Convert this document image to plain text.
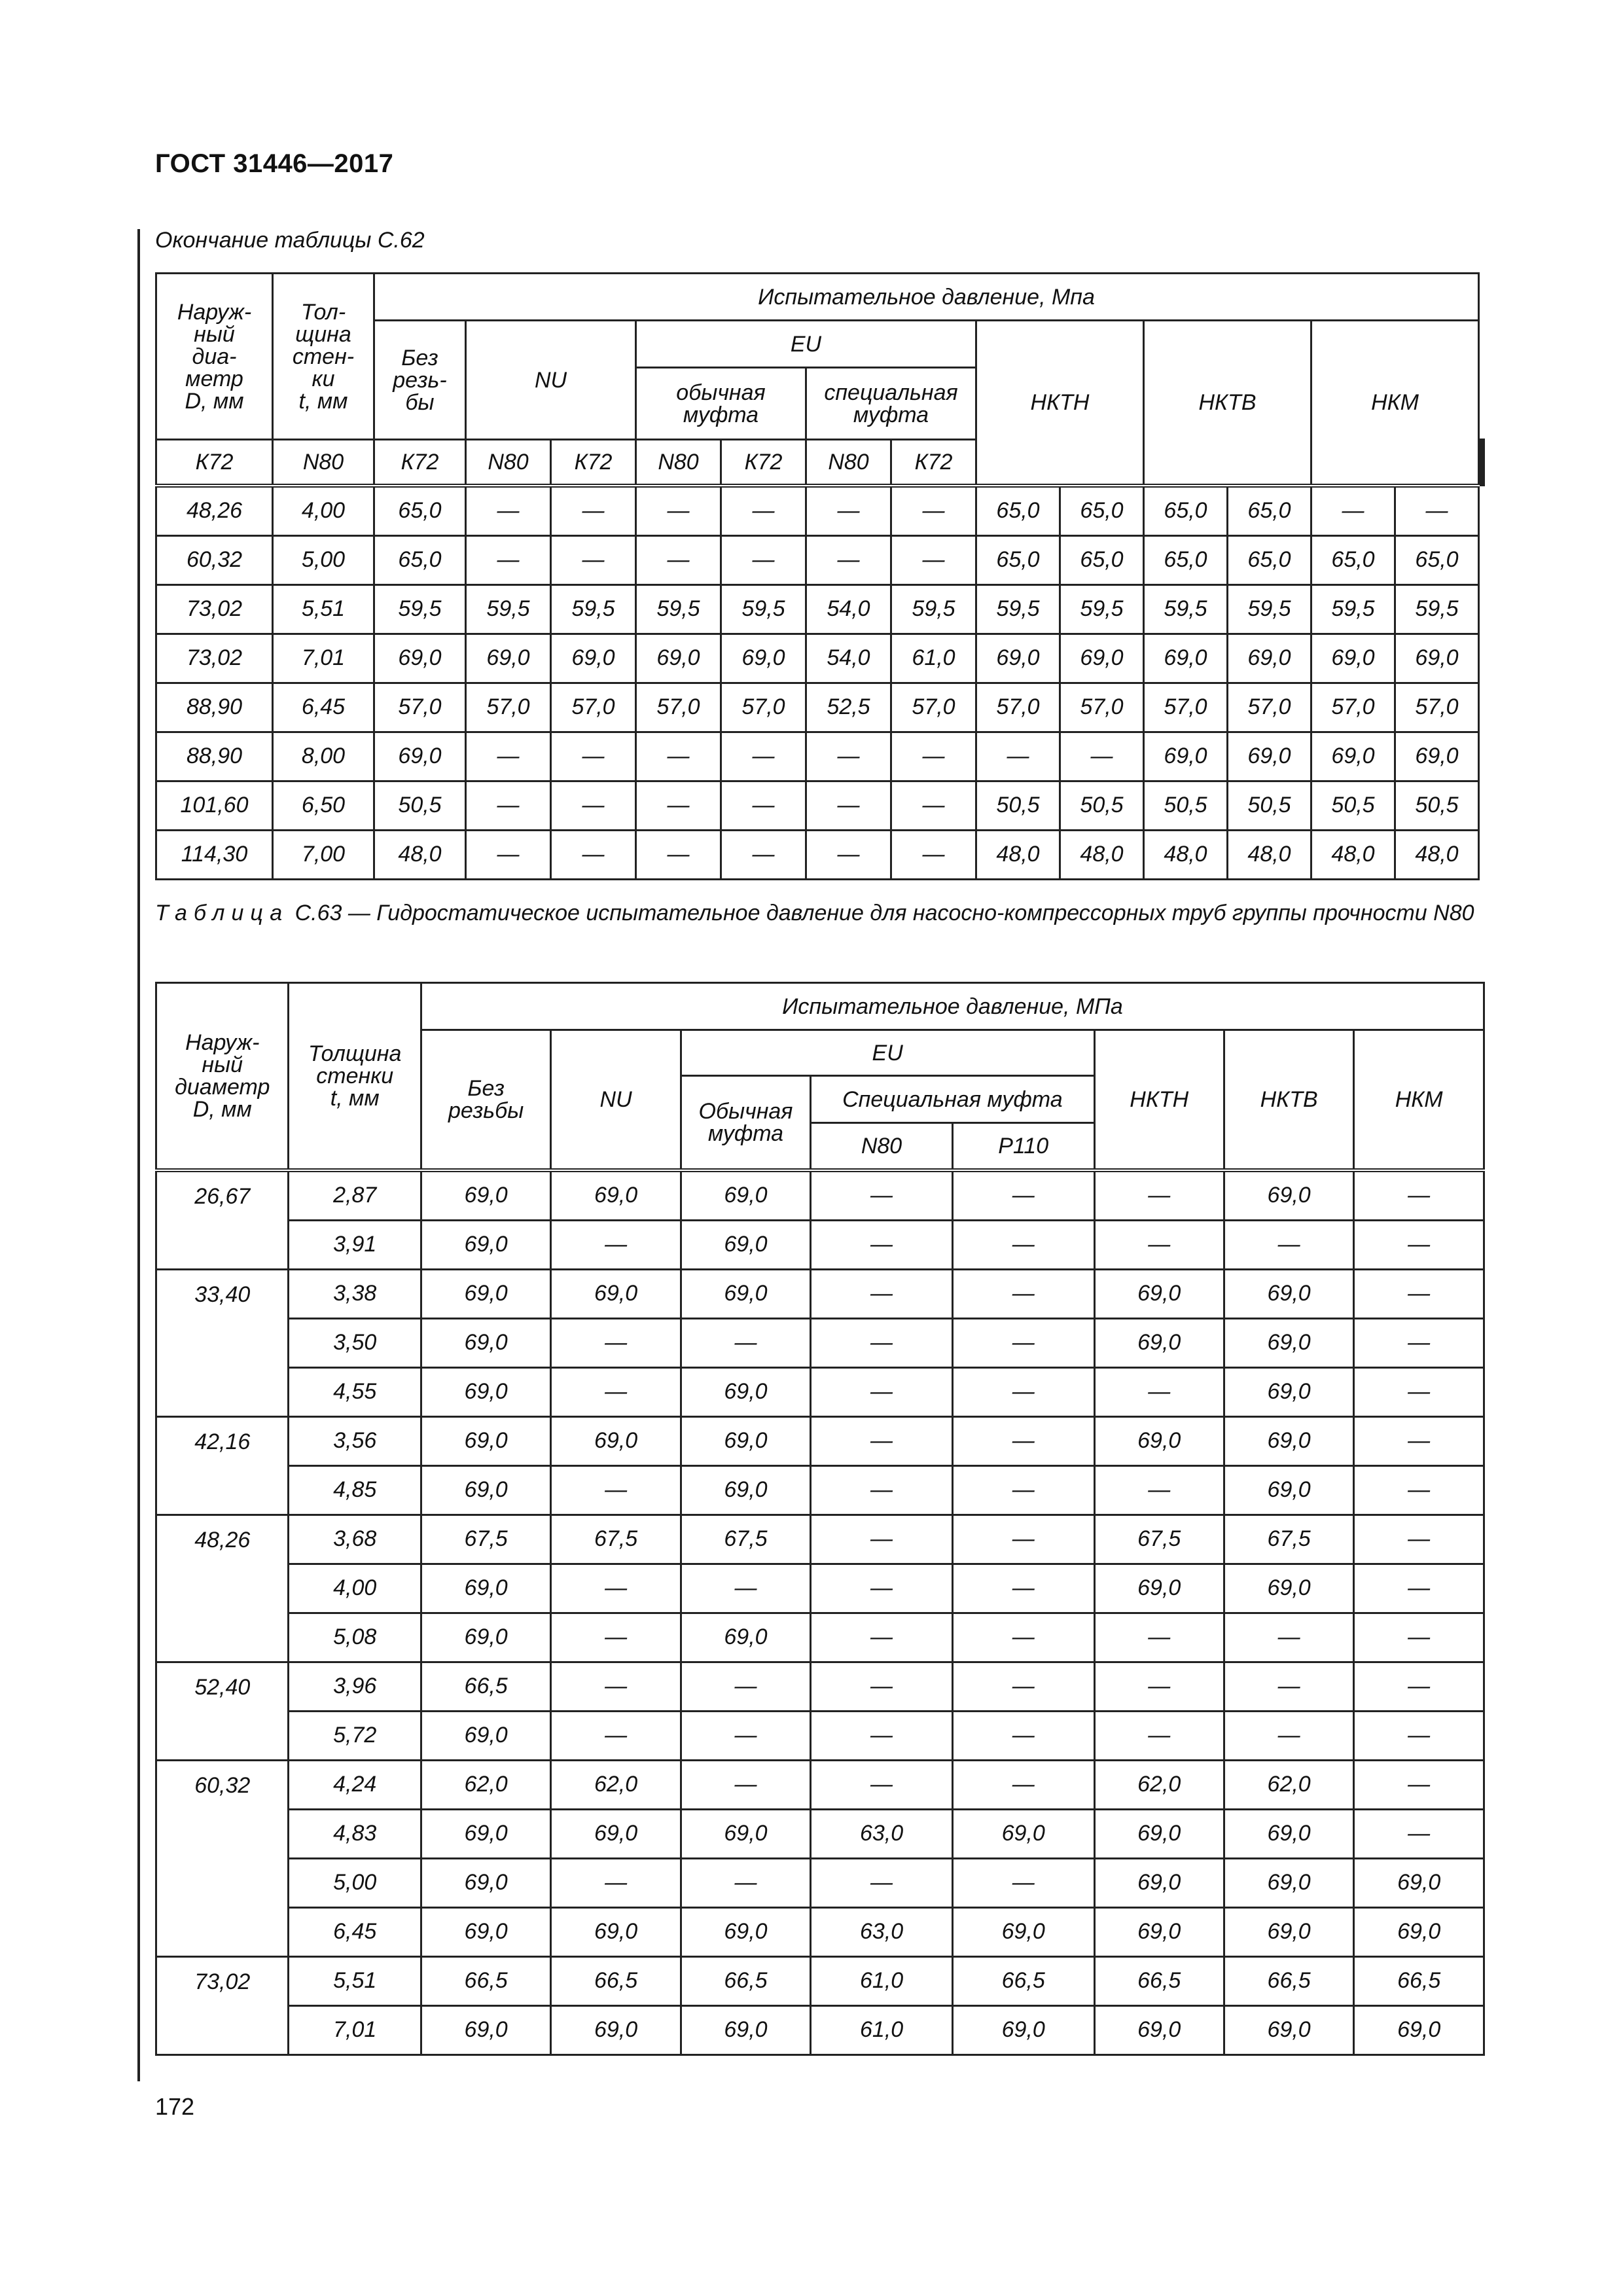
ГОСТ 31446—2017
Окончание таблицы С.62
Наруж-
ный
диа-
метр
D, мм	Тол-
щина
стен-
ки
t, мм	Испытательное давление, Мпа															
		Без
резь-
бы	NU		EU				НКТН		НКТВ		НКМ				
					обычная
муфта		специальная
муфта										
К72	N80	К72	N80	К72	N80	К72	N80	К72			
48,26	4,00	65,0	—	—	—	—	—	—	65,0	65,0	65,0	65,0	—	—			
60,32	5,00	65,0	—	—	—	—	—	—	65,0	65,0	65,0	65,0	65,0	65,0			
73,02	5,51	59,5	59,5	59,5	59,5	59,5	54,0	59,5	59,5	59,5	59,5	59,5	59,5	59,5			
73,02	7,01	69,0	69,0	69,0	69,0	69,0	54,0	61,0	69,0	69,0	69,0	69,0	69,0	69,0			
88,90	6,45	57,0	57,0	57,0	57,0	57,0	52,5	57,0	57,0	57,0	57,0	57,0	57,0	57,0			
88,90	8,00	69,0	—	—	—	—	—	—	—	—	69,0	69,0	69,0	69,0			
101,60	6,50	50,5	—	—	—	—	—	—	50,5	50,5	50,5	50,5	50,5	50,5			
114,30	7,00	48,0	—	—	—	—	—	—	48,0	48,0	48,0	48,0	48,0	48,0			
Таблица С.63 — Гидростатическое испытательное давление для насосно-компрессорных труб группы прочности N80
Наруж-
ный
диаметр
D, мм	Толщина
стенки
t, мм	Испытательное давление, МПа							
		Без
резьбы	NU	EU			НКТН	НКТВ	НКМ
				Обычная
муфта	Специальная муфта				
					N80	P110			
26,67	2,87	69,0	69,0	69,0	—	—	—	69,0	—
	3,91	69,0	—	69,0	—	—	—	—	—
33,40	3,38	69,0	69,0	69,0	—	—	69,0	69,0	—
	3,50	69,0	—	—	—	—	69,0	69,0	—
	4,55	69,0	—	69,0	—	—	—	69,0	—
42,16	3,56	69,0	69,0	69,0	—	—	69,0	69,0	—
	4,85	69,0	—	69,0	—	—	—	69,0	—
48,26	3,68	67,5	67,5	67,5	—	—	67,5	67,5	—
	4,00	69,0	—	—	—	—	69,0	69,0	—
	5,08	69,0	—	69,0	—	—	—	—	—
52,40	3,96	66,5	—	—	—	—	—	—	—
	5,72	69,0	—	—	—	—	—	—	—
60,32	4,24	62,0	62,0	—	—	—	62,0	62,0	—
	4,83	69,0	69,0	69,0	63,0	69,0	69,0	69,0	—
	5,00	69,0	—	—	—	—	69,0	69,0	69,0
	6,45	69,0	69,0	69,0	63,0	69,0	69,0	69,0	69,0
73,02	5,51	66,5	66,5	66,5	61,0	66,5	66,5	66,5	66,5
	7,01	69,0	69,0	69,0	61,0	69,0	69,0	69,0	69,0
172
